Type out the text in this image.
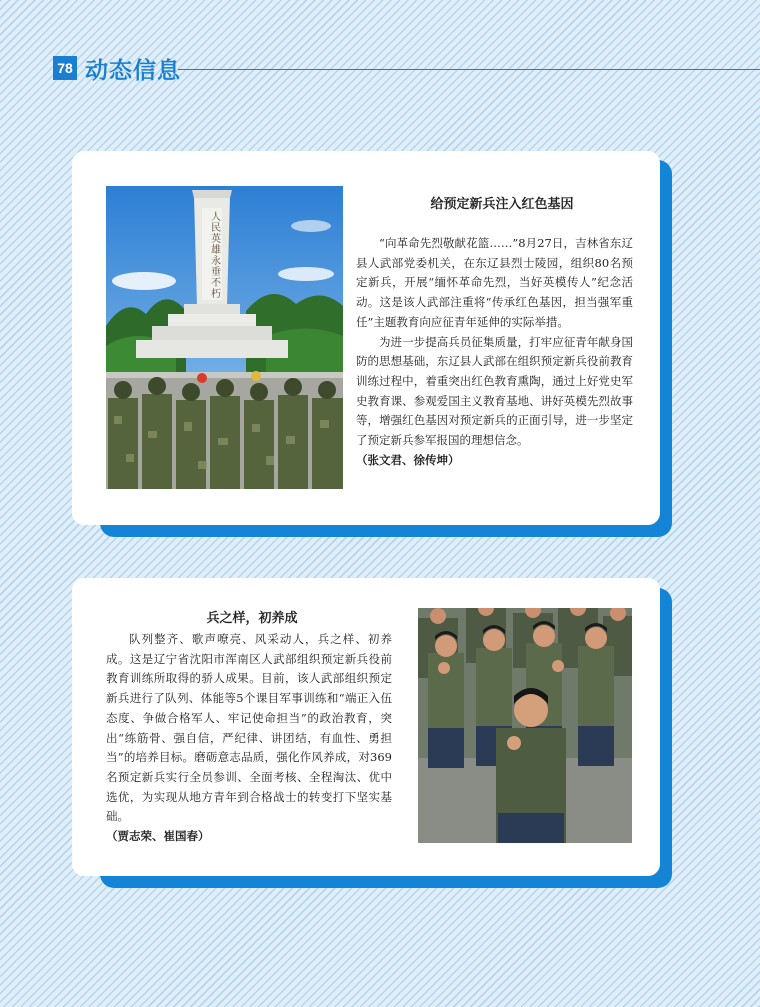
78 动态信息
人民英雄永垂不朽
给预定新兵注入红色基因

“向革命先烈敬献花篮……”8月27日，吉林省东辽县人武部党委机关，在东辽县烈士陵园，组织80名预定新兵，开展“缅怀革命先烈，当好英模传人”纪念活动。这是该人武部注重将“传承红色基因，担当强军重任”主题教育向应征青年延伸的实际举措。

为进一步提高兵员征集质量，打牢应征青年献身国防的思想基础，东辽县人武部在组织预定新兵役前教育训练过程中，着重突出红色教育熏陶，通过上好党史军史教育课、参观爱国主义教育基地、讲好英模先烈故事等，增强红色基因对预定新兵的正面引导，进一步坚定了预定新兵参军报国的理想信念。

（张文君、徐传坤）
兵之样，初养成

队列整齐、歌声嘹亮、风采动人，兵之样、初养成。这是辽宁省沈阳市浑南区人武部组织预定新兵役前教育训练所取得的骄人成果。目前，该人武部组织预定新兵进行了队列、体能等5个课目军事训练和“端正入伍态度、争做合格军人、牢记使命担当”的政治教育，突出“练筋骨、强自信，严纪律、讲团结，有血性、勇担当”的培养目标。磨砺意志品质，强化作风养成，对369名预定新兵实行全员参训、全面考核、全程淘汰、优中选优，为实现从地方青年到合格战士的转变打下坚实基础。

（贾志荣、崔国春）
